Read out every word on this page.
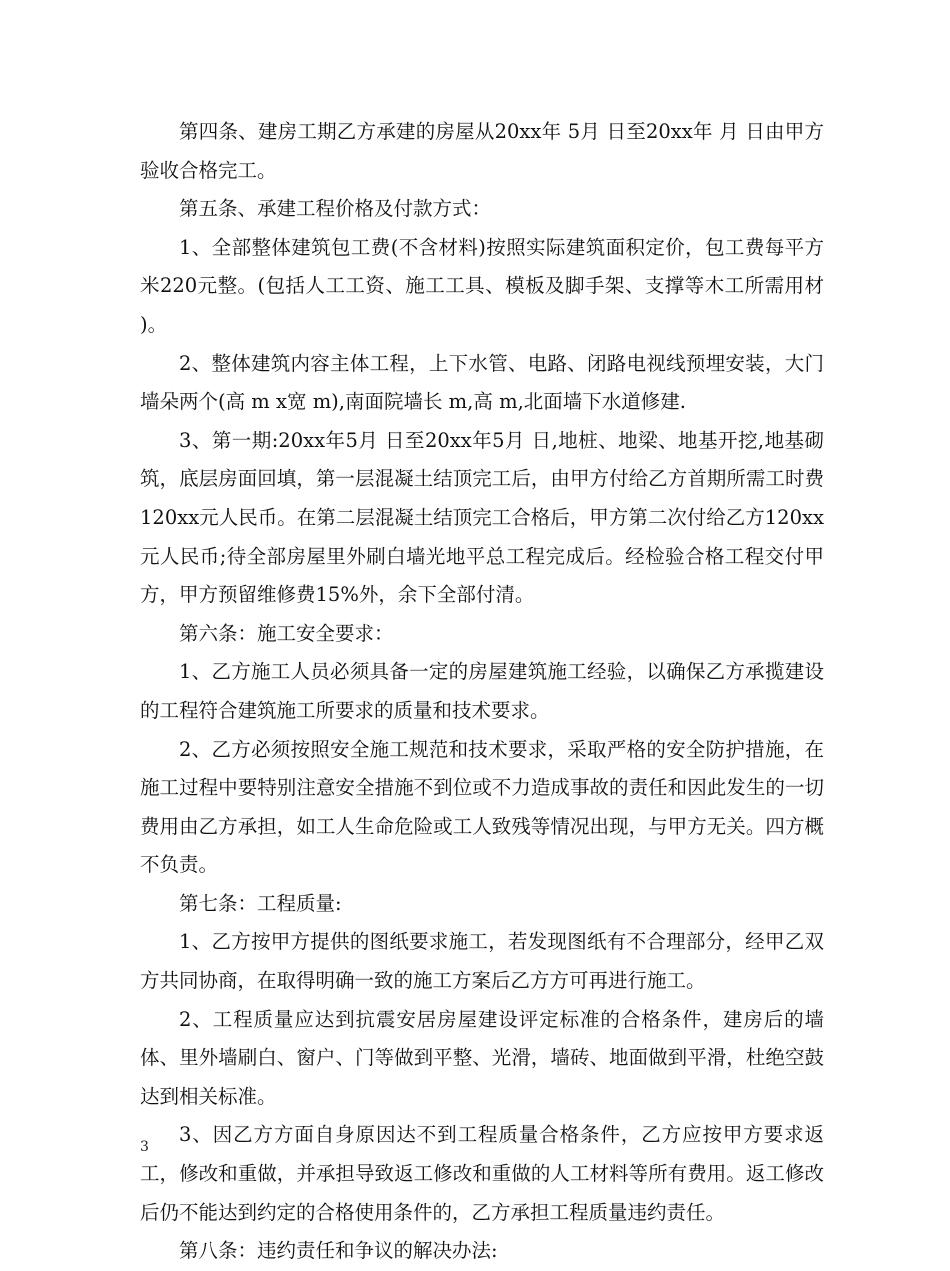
第四条、建房工期乙方承建的房屋从20xx年 5月 日至20xx年 月 日由甲方验收合格完工。

第五条、承建工程价格及付款方式：

1、全部整体建筑包工费(不含材料)按照实际建筑面积定价，包工费每平方米220元整。(包括人工工资、施工工具、模板及脚手架、支撑等木工所需用材 )。

2、整体建筑内容主体工程，上下水管、电路、闭路电视线预埋安装，大门墙朵两个(高 m x宽 m),南面院墙长 m,高 m,北面墙下水道修建.

3、第一期:20xx年5月 日至20xx年5月 日,地桩、地梁、地基开挖,地基砌筑，底层房面回填，第一层混凝土结顶完工后，由甲方付给乙方首期所需工时费120xx元人民币。在第二层混凝土结顶完工合格后，甲方第二次付给乙方120xx元人民币;待全部房屋里外刷白墙光地平总工程完成后。经检验合格工程交付甲方，甲方预留维修费15%外，余下全部付清。

第六条：施工安全要求：

1、乙方施工人员必须具备一定的房屋建筑施工经验，以确保乙方承揽建设的工程符合建筑施工所要求的质量和技术要求。

2、乙方必须按照安全施工规范和技术要求，采取严格的安全防护措施，在施工过程中要特别注意安全措施不到位或不力造成事故的责任和因此发生的一切费用由乙方承担，如工人生命危险或工人致残等情况出现，与甲方无关。四方概不负责。

第七条：工程质量:

1、乙方按甲方提供的图纸要求施工，若发现图纸有不合理部分，经甲乙双方共同协商，在取得明确一致的施工方案后乙方方可再进行施工。

2、工程质量应达到抗震安居房屋建设评定标准的合格条件，建房后的墙体、里外墙刷白、窗户、门等做到平整、光滑，墙砖、地面做到平滑，杜绝空鼓达到相关标准。

3、因乙方方面自身原因达不到工程质量合格条件，乙方应按甲方要求返工，修改和重做，并承担导致返工修改和重做的人工材料等所有费用。返工修改后仍不能达到约定的合格使用条件的，乙方承担工程质量违约责任。

第八条：违约责任和争议的解决办法:

3
